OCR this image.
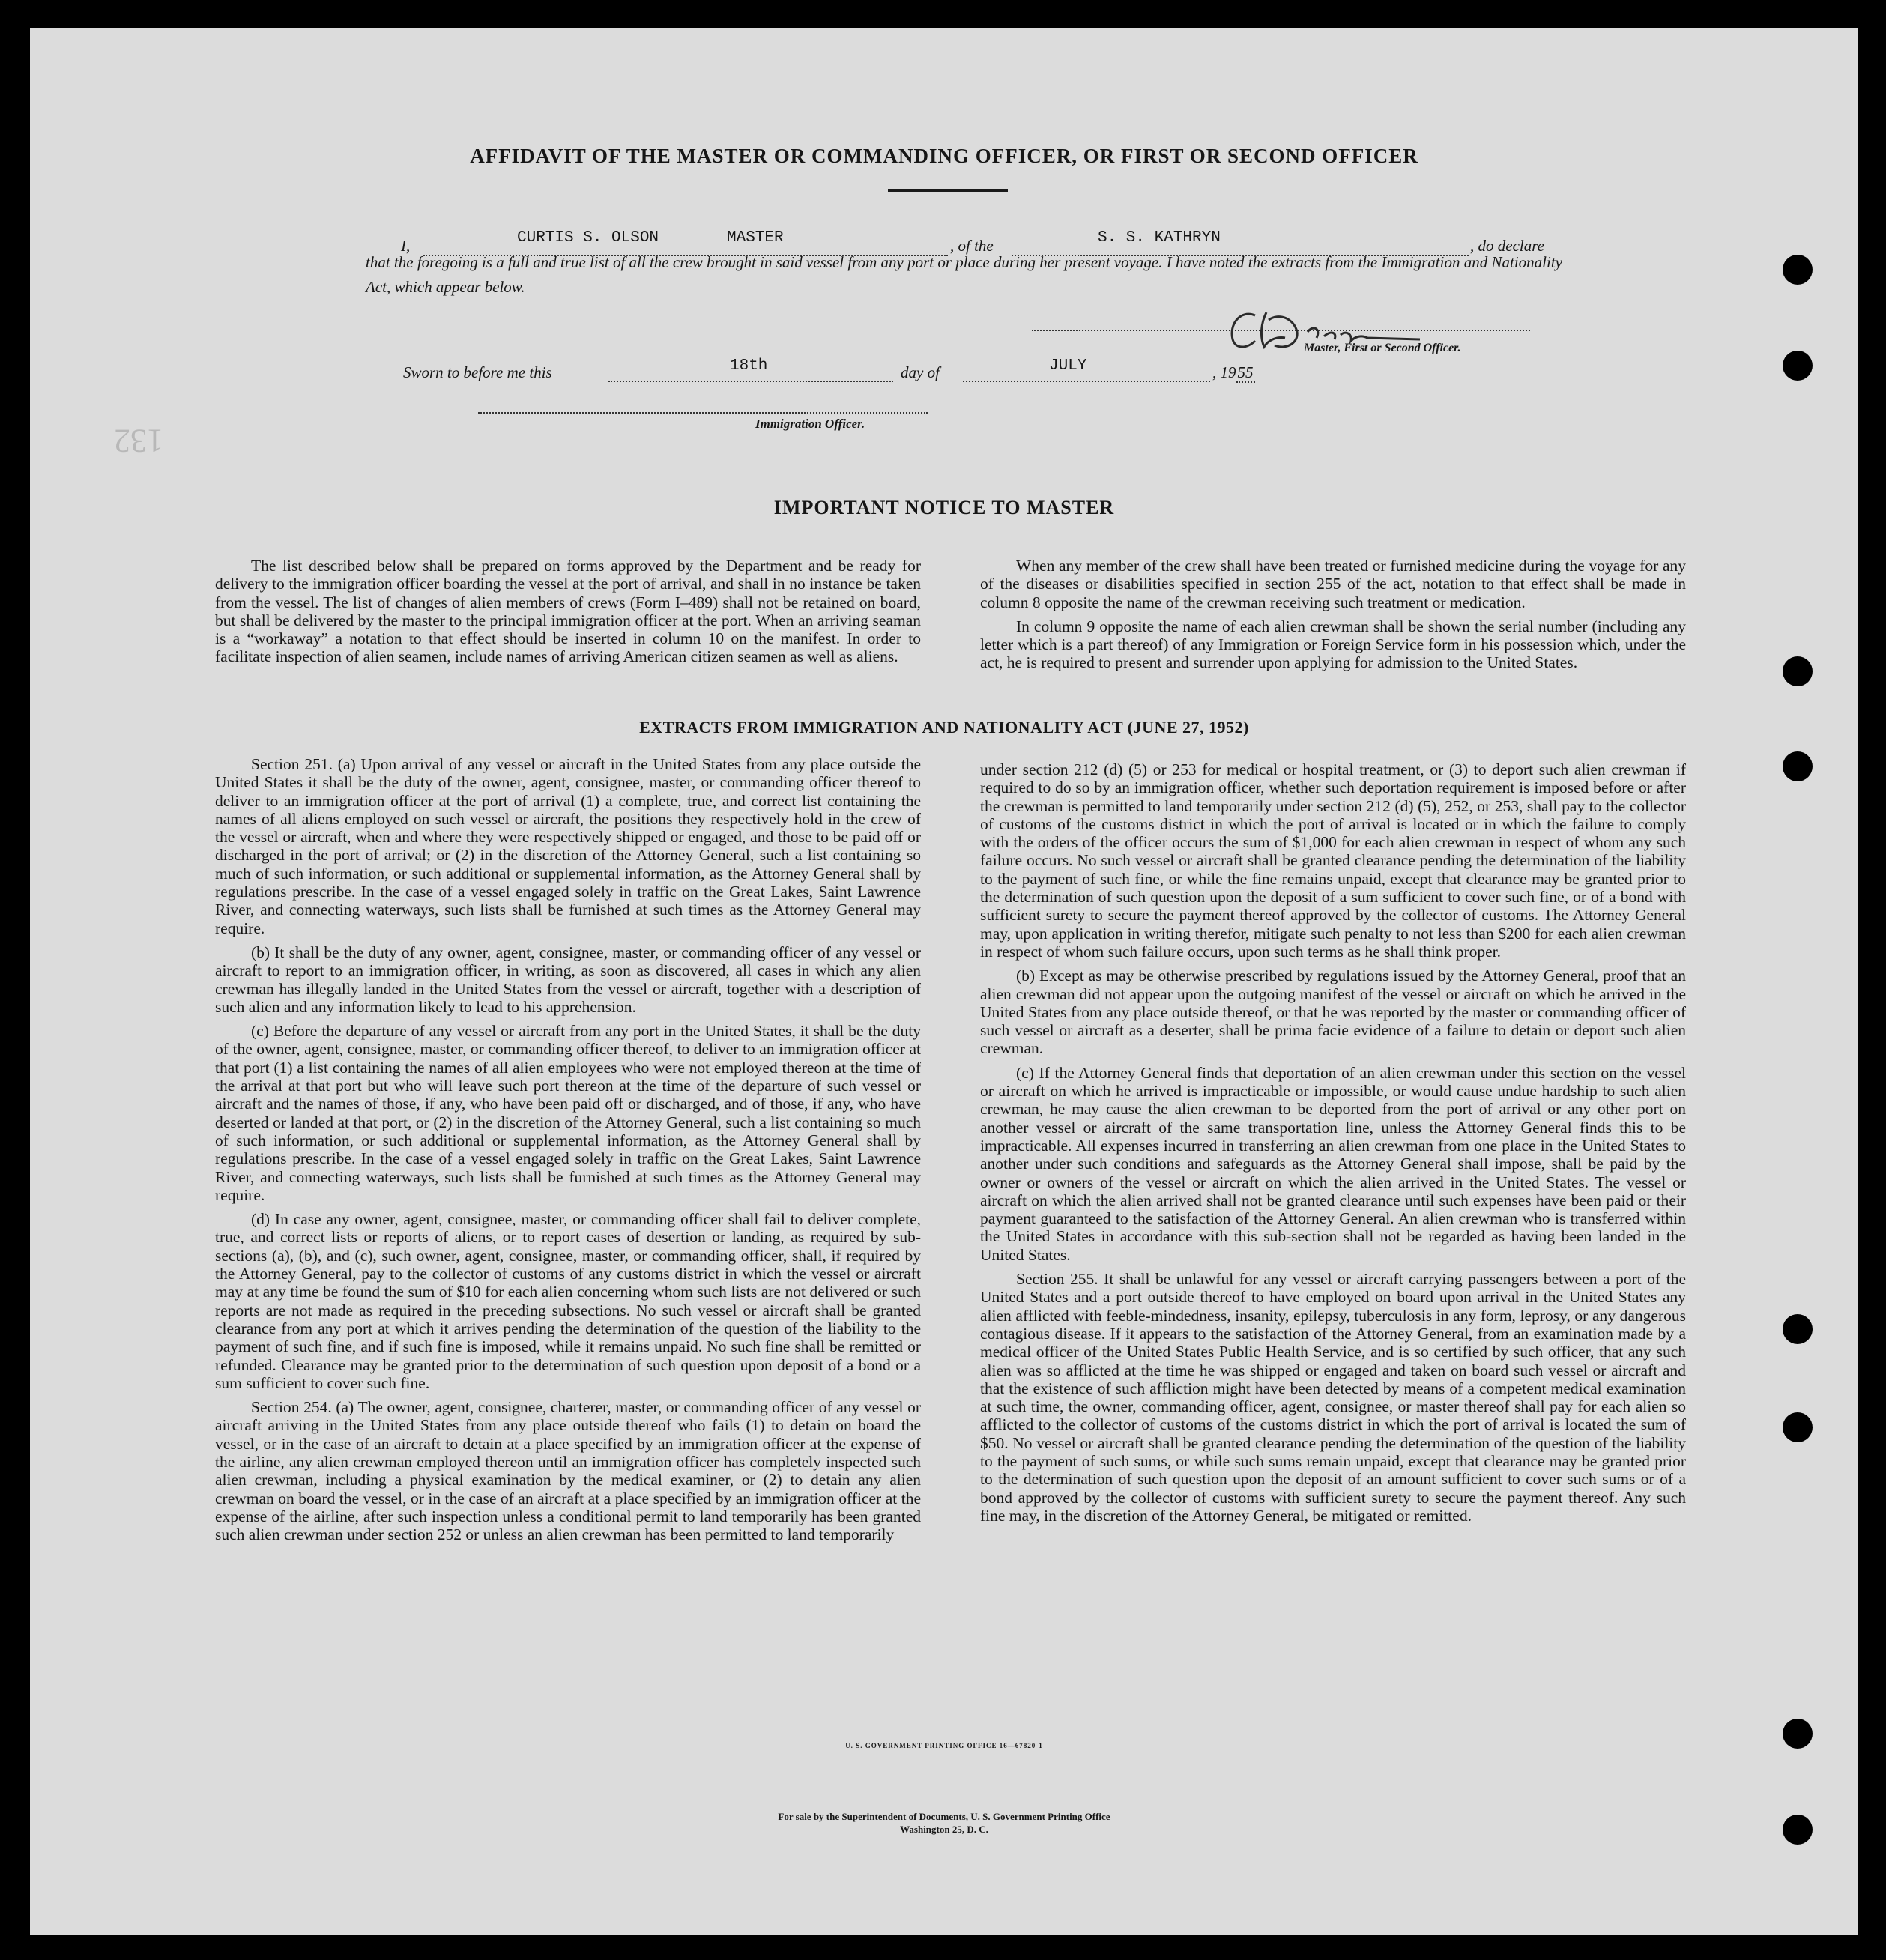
AFFIDAVIT OF THE MASTER OR COMMANDING OFFICER, OR FIRST OR SECOND OFFICER
I,	CURTIS S. OLSON	MASTER	, of the	S. S. KATHRYN	, do declare
that the foregoing is a full and true list of all the crew brought in said vessel from any port or place during her present voyage. I have noted the extracts from the Immigration and Nationality Act, which appear below.
Master, First or Second Officer.
Sworn to before me this	18th	day of	JULY	, 1955
Immigration Officer.
132
IMPORTANT NOTICE TO MASTER

The list described below shall be prepared on forms approved by the Department and be ready for delivery to the immigration officer boarding the vessel at the port of arrival, and shall in no instance be taken from the vessel. The list of changes of alien members of crews (Form I–489) shall not be retained on board, but shall be delivered by the master to the principal immigration officer at the port. When an arriving seaman is a “workaway” a notation to that effect should be inserted in column 10 on the manifest. In order to facilitate inspection of alien seamen, include names of arriving American citizen seamen as well as aliens.

When any member of the crew shall have been treated or furnished medicine during the voyage for any of the diseases or disabilities specified in section 255 of the act, notation to that effect shall be made in column 8 opposite the name of the crewman receiving such treatment or medication.

In column 9 opposite the name of each alien crewman shall be shown the serial number (including any letter which is a part thereof) of any Immigration or Foreign Service form in his possession which, under the act, he is required to present and surrender upon applying for admission to the United States.

EXTRACTS FROM IMMIGRATION AND NATIONALITY ACT (JUNE 27, 1952)

Section 251. (a) Upon arrival of any vessel or aircraft in the United States from any place outside the United States it shall be the duty of the owner, agent, consignee, master, or commanding officer thereof to deliver to an immigration officer at the port of arrival (1) a complete, true, and correct list containing the names of all aliens employed on such vessel or aircraft, the positions they respectively hold in the crew of the vessel or aircraft, when and where they were respectively shipped or engaged, and those to be paid off or discharged in the port of arrival; or (2) in the discretion of the Attorney General, such a list containing so much of such information, or such additional or supplemental information, as the Attorney General shall by regulations prescribe. In the case of a vessel engaged solely in traffic on the Great Lakes, Saint Lawrence River, and connecting waterways, such lists shall be furnished at such times as the Attorney General may require.

(b) It shall be the duty of any owner, agent, consignee, master, or commanding officer of any vessel or aircraft to report to an immigration officer, in writing, as soon as discovered, all cases in which any alien crewman has illegally landed in the United States from the vessel or aircraft, together with a description of such alien and any information likely to lead to his apprehension.

(c) Before the departure of any vessel or aircraft from any port in the United States, it shall be the duty of the owner, agent, consignee, master, or commanding officer thereof, to deliver to an immigration officer at that port (1) a list containing the names of all alien employees who were not employed thereon at the time of the arrival at that port but who will leave such port thereon at the time of the departure of such vessel or aircraft and the names of those, if any, who have been paid off or discharged, and of those, if any, who have deserted or landed at that port, or (2) in the discretion of the Attorney General, such a list containing so much of such information, or such additional or supplemental information, as the Attorney General shall by regulations prescribe. In the case of a vessel engaged solely in traffic on the Great Lakes, Saint Lawrence River, and connecting waterways, such lists shall be furnished at such times as the Attorney General may require.

(d) In case any owner, agent, consignee, master, or commanding officer shall fail to deliver complete, true, and correct lists or reports of aliens, or to report cases of desertion or landing, as required by sub-sections (a), (b), and (c), such owner, agent, consignee, master, or commanding officer, shall, if required by the Attorney General, pay to the collector of customs of any customs district in which the vessel or aircraft may at any time be found the sum of $10 for each alien concerning whom such lists are not delivered or such reports are not made as required in the preceding subsections. No such vessel or aircraft shall be granted clearance from any port at which it arrives pending the determination of the question of the liability to the payment of such fine, and if such fine is imposed, while it remains unpaid. No such fine shall be remitted or refunded. Clearance may be granted prior to the determination of such question upon deposit of a bond or a sum sufficient to cover such fine.

Section 254. (a) The owner, agent, consignee, charterer, master, or commanding officer of any vessel or aircraft arriving in the United States from any place outside thereof who fails (1) to detain on board the vessel, or in the case of an aircraft to detain at a place specified by an immigration officer at the expense of the airline, any alien crewman employed thereon until an immigration officer has completely inspected such alien crewman, including a physical examination by the medical examiner, or (2) to detain any alien crewman on board the vessel, or in the case of an aircraft at a place specified by an immigration officer at the expense of the airline, after such inspection unless a conditional permit to land temporarily has been granted such alien crewman under section 252 or unless an alien crewman has been permitted to land temporarily

under section 212 (d) (5) or 253 for medical or hospital treatment, or (3) to deport such alien crewman if required to do so by an immigration officer, whether such deportation requirement is imposed before or after the crewman is permitted to land temporarily under section 212 (d) (5), 252, or 253, shall pay to the collector of customs of the customs district in which the port of arrival is located or in which the failure to comply with the orders of the officer occurs the sum of $1,000 for each alien crewman in respect of whom any such failure occurs. No such vessel or aircraft shall be granted clearance pending the determination of the liability to the payment of such fine, or while the fine remains unpaid, except that clearance may be granted prior to the determination of such question upon the deposit of a sum sufficient to cover such fine, or of a bond with sufficient surety to secure the payment thereof approved by the collector of customs. The Attorney General may, upon application in writing therefor, mitigate such penalty to not less than $200 for each alien crewman in respect of whom such failure occurs, upon such terms as he shall think proper.

(b) Except as may be otherwise prescribed by regulations issued by the Attorney General, proof that an alien crewman did not appear upon the outgoing manifest of the vessel or aircraft on which he arrived in the United States from any place outside thereof, or that he was reported by the master or commanding officer of such vessel or aircraft as a deserter, shall be prima facie evidence of a failure to detain or deport such alien crewman.

(c) If the Attorney General finds that deportation of an alien crewman under this section on the vessel or aircraft on which he arrived is impracticable or impossible, or would cause undue hardship to such alien crewman, he may cause the alien crewman to be deported from the port of arrival or any other port on another vessel or aircraft of the same transportation line, unless the Attorney General finds this to be impracticable. All expenses incurred in transferring an alien crewman from one place in the United States to another under such conditions and safeguards as the Attorney General shall impose, shall be paid by the owner or owners of the vessel or aircraft on which the alien arrived in the United States. The vessel or aircraft on which the alien arrived shall not be granted clearance until such expenses have been paid or their payment guaranteed to the satisfaction of the Attorney General. An alien crewman who is transferred within the United States in accordance with this sub-section shall not be regarded as having been landed in the United States.

Section 255. It shall be unlawful for any vessel or aircraft carrying passengers between a port of the United States and a port outside thereof to have employed on board upon arrival in the United States any alien afflicted with feeble-mindedness, insanity, epilepsy, tuberculosis in any form, leprosy, or any dangerous contagious disease. If it appears to the satisfaction of the Attorney General, from an examination made by a medical officer of the United States Public Health Service, and is so certified by such officer, that any such alien was so afflicted at the time he was shipped or engaged and taken on board such vessel or aircraft and that the existence of such affliction might have been detected by means of a competent medical examination at such time, the owner, commanding officer, agent, consignee, or master thereof shall pay for each alien so afflicted to the collector of customs of the customs district in which the port of arrival is located the sum of $50. No vessel or aircraft shall be granted clearance pending the determination of the question of the liability to the payment of such sums, or while such sums remain unpaid, except that clearance may be granted prior to the determination of such question upon the deposit of an amount sufficient to cover such sums or of a bond approved by the collector of customs with sufficient surety to secure the payment thereof. Any such fine may, in the discretion of the Attorney General, be mitigated or remitted.

U. S. GOVERNMENT PRINTING OFFICE 16—67820-1
For sale by the Superintendent of Documents, U. S. Government Printing Office
Washington 25, D. C.
